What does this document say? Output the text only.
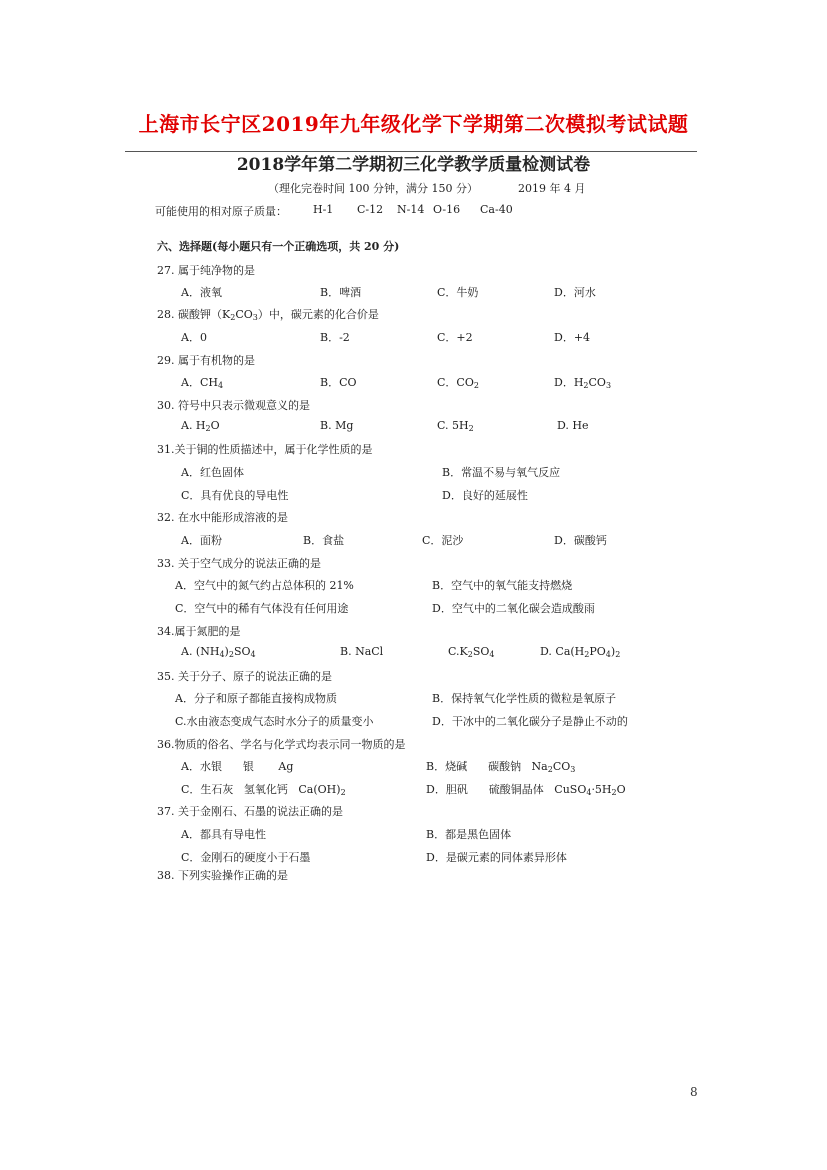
上海市长宁区2019年九年级化学下学期第二次模拟考试试题
2018学年第二学期初三化学教学质量检测试卷
（理化完卷时间 100 分钟，满分 150 分）	2019 年 4 月
可能使用的相对原子质量： H-1 C-12 N-14 O-16 Ca-40
六、选择题(每小题只有一个正确选项，共 20 分)
27. 属于纯净物的是
A．液氧	B．啤酒	C．牛奶	D．河水
28. 碳酸钾$(K_2CO_3)$中，碳元素的化合价是
A．0	B．-2	C．+2	D．+4
29. 属于有机物的是
A．$CH_4$	B．CO	C．$CO_2$	D．$H_2CO_3$
30. 符号中只表示微观意义的是
A. $H_2O$	B. Mg	C. $5H_2$	D. He
31.关于铜的性质描述中，属于化学性质的是
A．红色固体	B．常温不易与氧气反应
C．具有优良的导电性	D．良好的延展性
32. 在水中能形成溶液的是
A．面粉	B．食盐	C．泥沙	D．碳酸钙
33. 关于空气成分的说法正确的是
A．空气中的氮气约占总体积的 21%	B．空气中的氧气能支持燃烧
C．空气中的稀有气体没有任何用途	D．空气中的二氧化碳会造成酸雨
34.属于氮肥的是
A. $(NH_4)_2SO_4$	B. NaCl	$C.K_2SO_4$	D. $Ca(H_2PO_4)_2$
35. 关于分子、原子的说法正确的是
A．分子和原子都能直接构成物质	B．保持氧气化学性质的微粒是氧原子
C.水由液态变成气态时水分子的质量变小	D．干冰中的二氧化碳分子是静止不动的
36.物质的俗名、学名与化学式均表示同一物质的是
A．水银      银       Ag	B．烧碱      碳酸钠   $Na_2CO_3$
C．生石灰   氢氧化钙   $Ca(OH)_2$	D．胆矾      硫酸铜晶体   $CuSO_4\cdot 5H_2O$
37. 关于金刚石、石墨的说法正确的是
A．都具有导电性	B．都是黑色固体
C．金刚石的硬度小于石墨	D．是碳元素的同体素异形体
38. 下列实验操作正确的是
8
